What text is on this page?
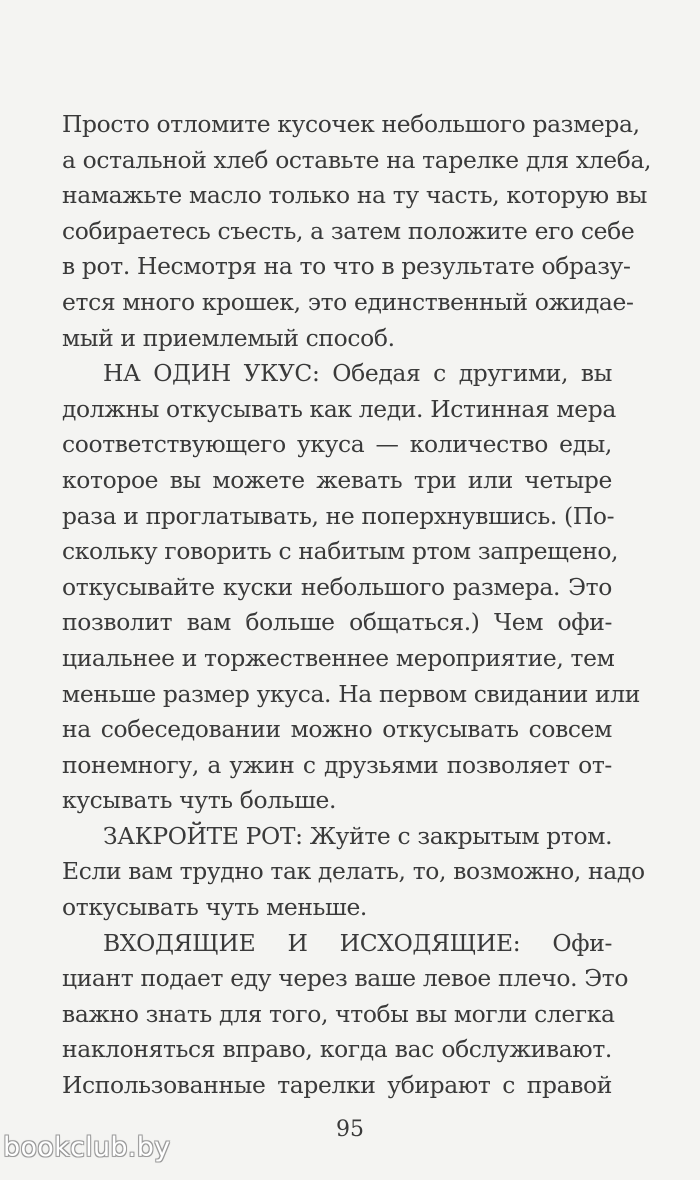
Просто отломите кусочек небольшого размера,
а остальной хлеб оставьте на тарелке для хлеба,
намажьте масло только на ту часть, которую вы
собираетесь съесть, а затем положите его себе
в рот. Несмотря на то что в результате образу-
ется много крошек, это единственный ожидае-
мый и приемлемый способ.
НА ОДИН УКУС: Обедая с другими, вы
должны откусывать как леди. Истинная мера
соответствующего укуса — количество еды,
которое вы можете жевать три или четыре
раза и проглатывать, не поперхнувшись. (По-
скольку говорить с набитым ртом запрещено,
откусывайте куски небольшого размера. Это
позволит вам больше общаться.) Чем офи-
циальнее и торжественнее мероприятие, тем
меньше размер укуса. На первом свидании или
на собеседовании можно откусывать совсем
понемногу, а ужин с друзьями позволяет от-
кусывать чуть больше.
ЗАКРОЙТЕ РОТ: Жуйте с закрытым ртом.
Если вам трудно так делать, то, возможно, надо
откусывать чуть меньше.
ВХОДЯЩИЕ И ИСХОДЯЩИЕ: Офи-
циант подает еду через ваше левое плечо. Это
важно знать для того, чтобы вы могли слегка
наклоняться вправо, когда вас обслуживают.
Использованные тарелки убирают с правой
95
bookclub.by
